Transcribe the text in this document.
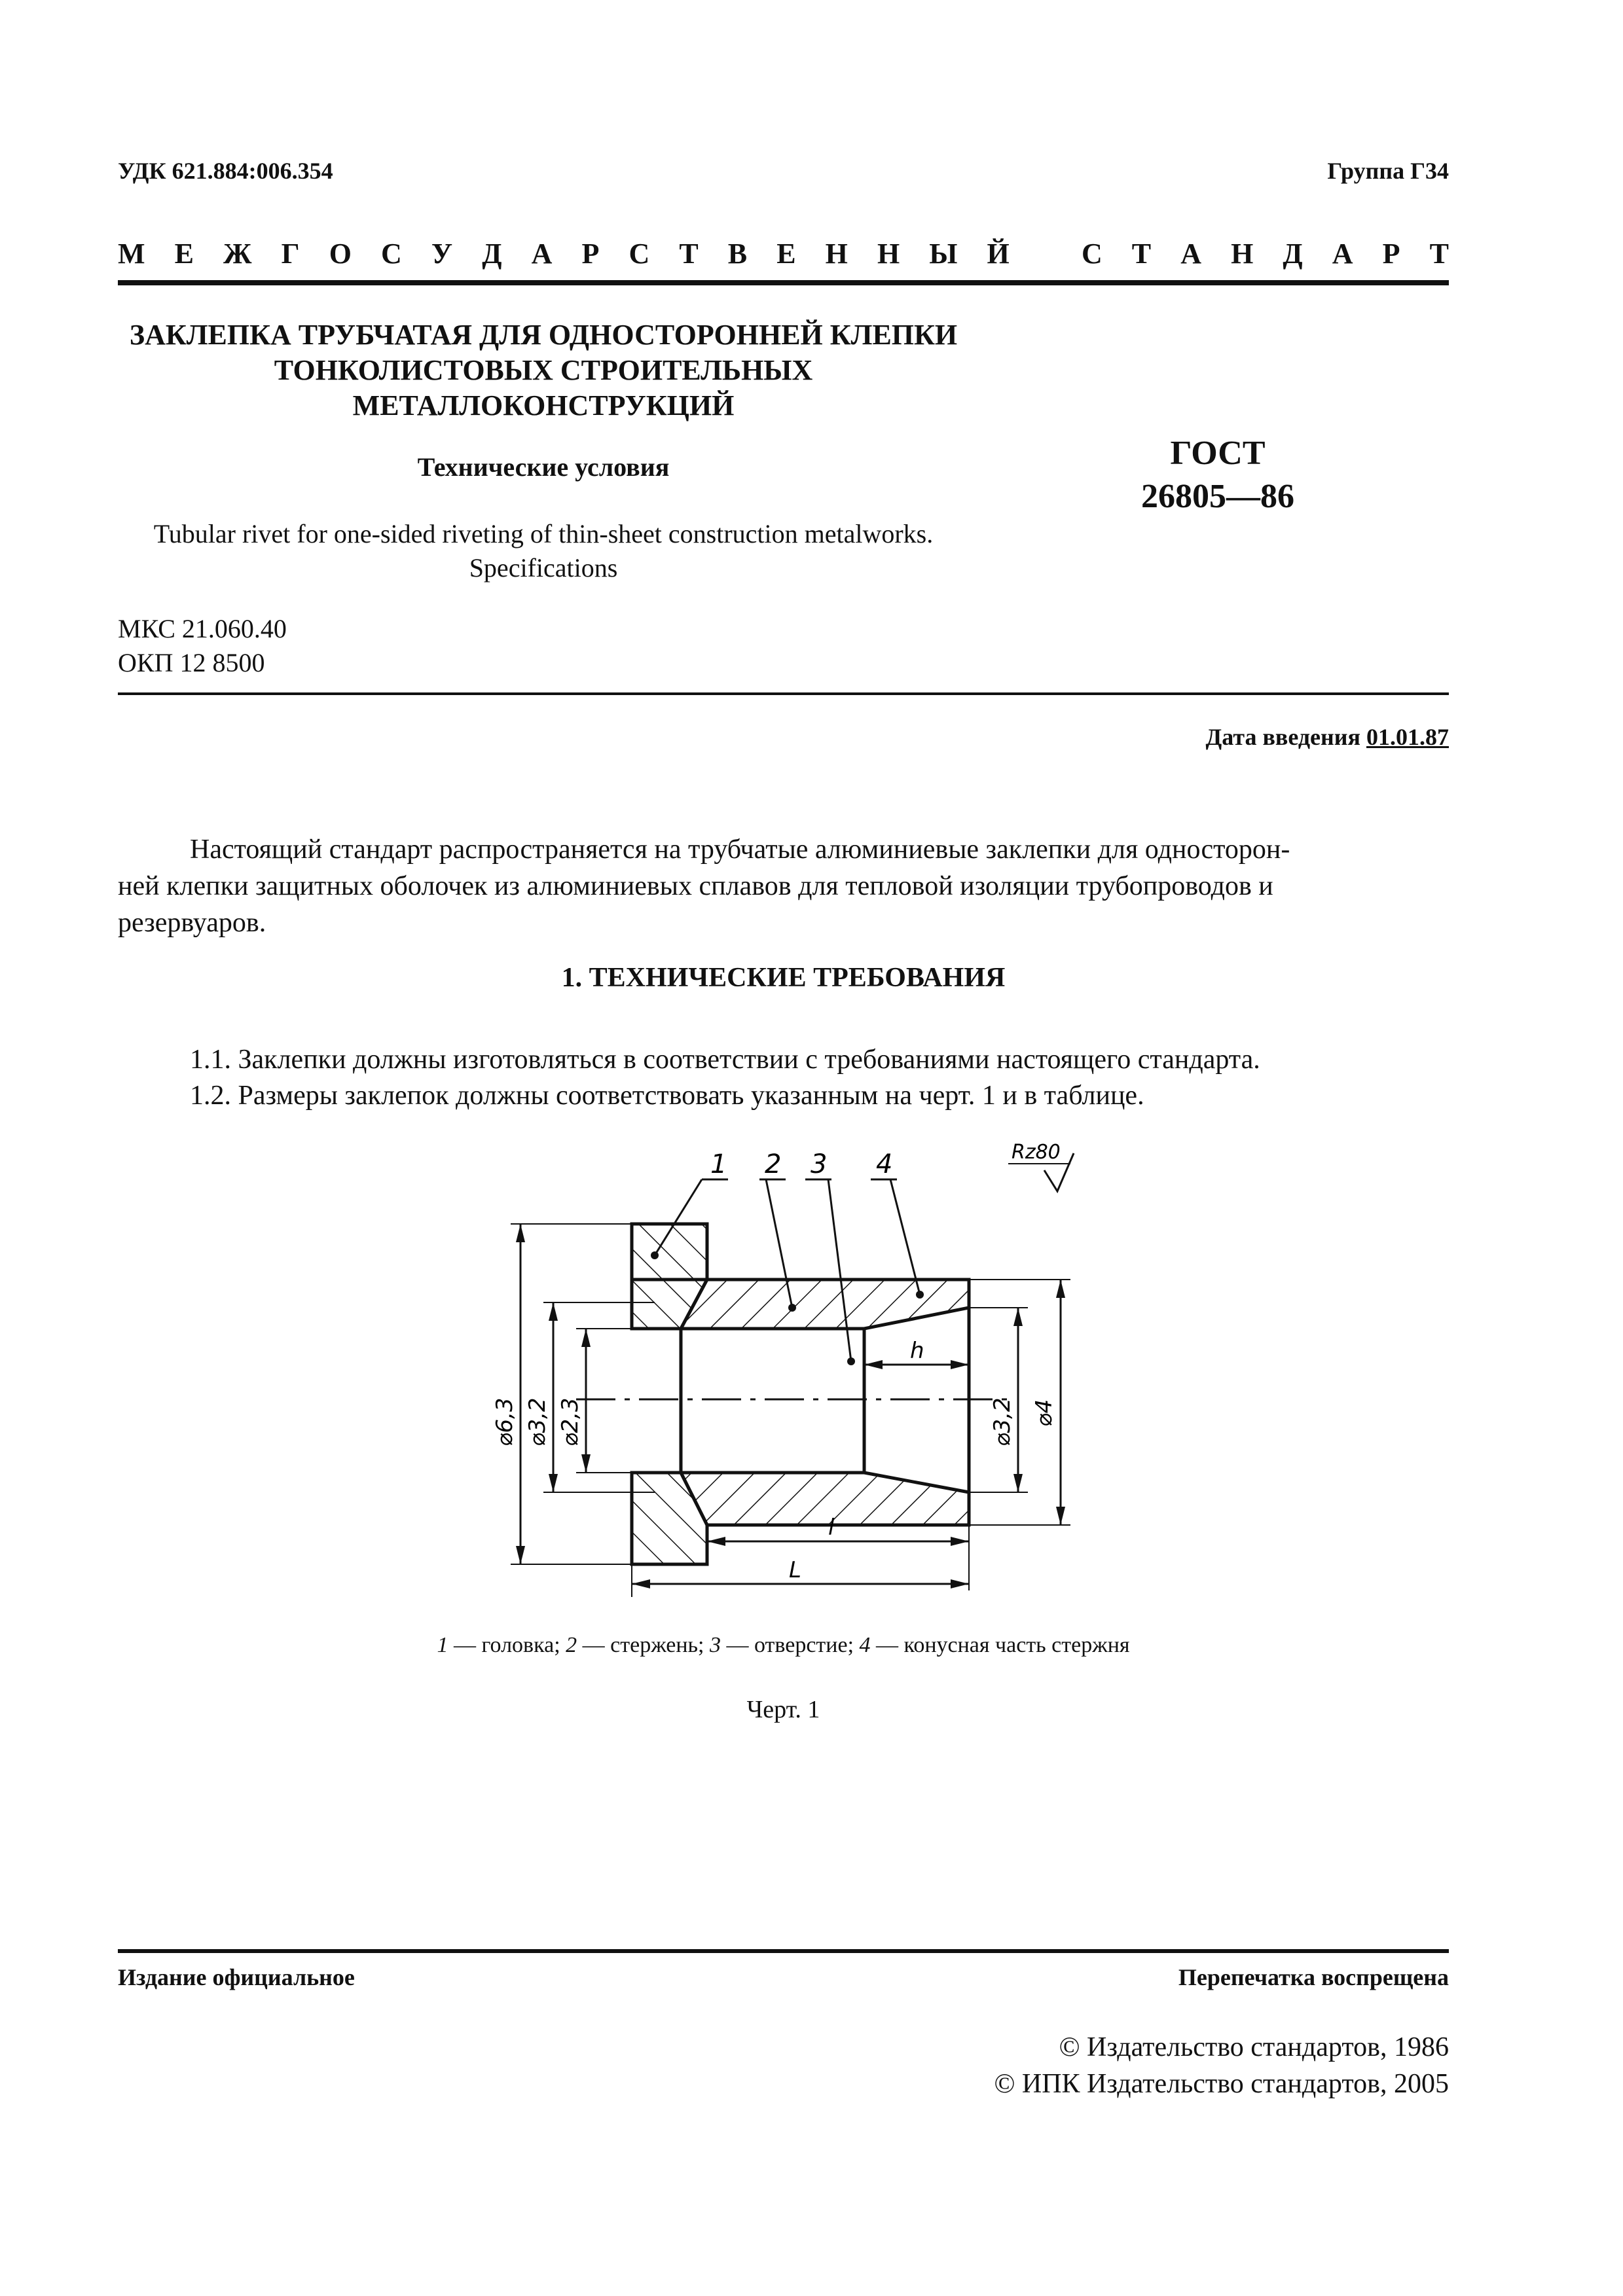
УДК 621.884:006.354	Группа Г34
М Е Ж Г О С У Д А Р С Т В Е Н Н Ы Й	С Т А Н Д А Р Т
ЗАКЛЕПКА ТРУБЧАТАЯ ДЛЯ ОДНОСТОРОННЕЙ КЛЕПКИ
ТОНКОЛИСТОВЫХ СТРОИТЕЛЬНЫХ
МЕТАЛЛОКОНСТРУКЦИЙ
Технические условия	ГОСТ
26805—86
Tubular rivet for one-sided riveting of thin-sheet construction metalworks.
Specifications
МКС 21.060.40
ОКП 12 8500
Дата введения 01.01.87
Настоящий стандарт распространяется на трубчатые алюминиевые заклепки для односторон-
ней клепки защитных оболочек из алюминиевых сплавов для тепловой изоляции трубопроводов и
резервуаров.
1. ТЕХНИЧЕСКИЕ ТРЕБОВАНИЯ
1.1. Заклепки должны изготовляться в соответствии с требованиями настоящего стандарта.
1.2. Размеры заклепок должны соответствовать указанным на черт. 1 и в таблице.
1 2 3 4	Rz80
⌀6,3 ⌀3,2 ⌀2,3	⌀3,2 ⌀4
h
l
L
1 — головка; 2 — стержень; 3 — отверстие; 4 — конусная часть стержня
Черт. 1
Издание официальное	Перепечатка воспрещена
© Издательство стандартов, 1986
© ИПК Издательство стандартов, 2005
